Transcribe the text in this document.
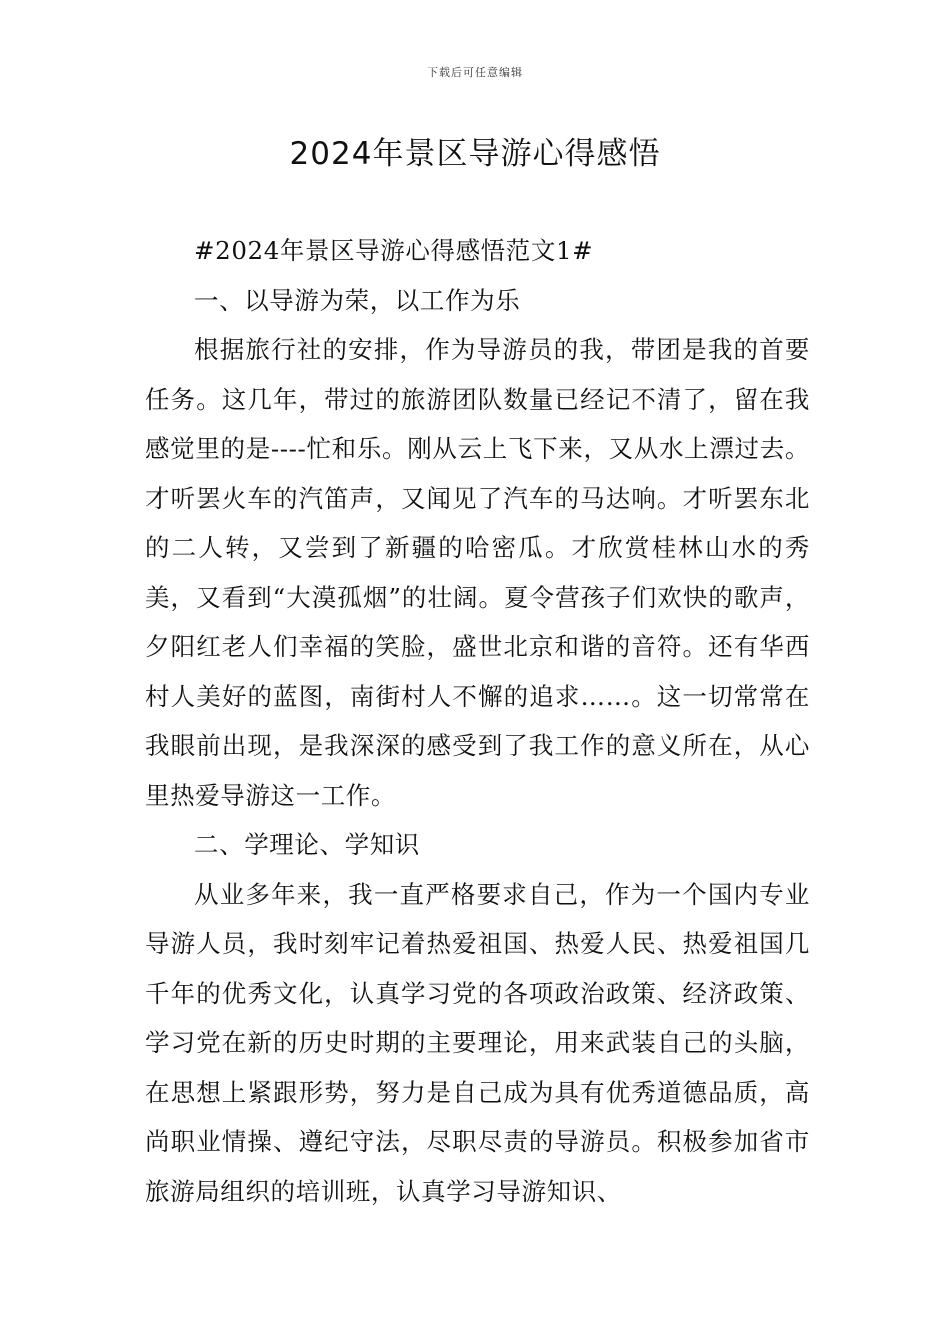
下载后可任意编辑
2024年景区导游心得感悟

#2024年景区导游心得感悟范文1#

一、以导游为荣，以工作为乐

根据旅行社的安排，作为导游员的我，带团是我的首要任务。这几年，带过的旅游团队数量已经记不清了，留在我感觉里的是----忙和乐。刚从云上飞下来，又从水上漂过去。才听罢火车的汽笛声，又闻见了汽车的马达响。才听罢东北的二人转，又尝到了新疆的哈密瓜。才欣赏桂林山水的秀美，又看到“大漠孤烟”的壮阔。夏令营孩子们欢快的歌声，夕阳红老人们幸福的笑脸，盛世北京和谐的音符。还有华西村人美好的蓝图，南街村人不懈的追求……。这一切常常在我眼前出现，是我深深的感受到了我工作的意义所在，从心里热爱导游这一工作。

二、学理论、学知识

从业多年来，我一直严格要求自己，作为一个国内专业导游人员，我时刻牢记着热爱祖国、热爱人民、热爱祖国几千年的优秀文化，认真学习党的各项政治政策、经济政策、学习党在新的历史时期的主要理论，用来武装自己的头脑，在思想上紧跟形势，努力是自己成为具有优秀道德品质，高尚职业情操、遵纪守法，尽职尽责的导游员。积极参加省市旅游局组织的培训班，认真学习导游知识、
